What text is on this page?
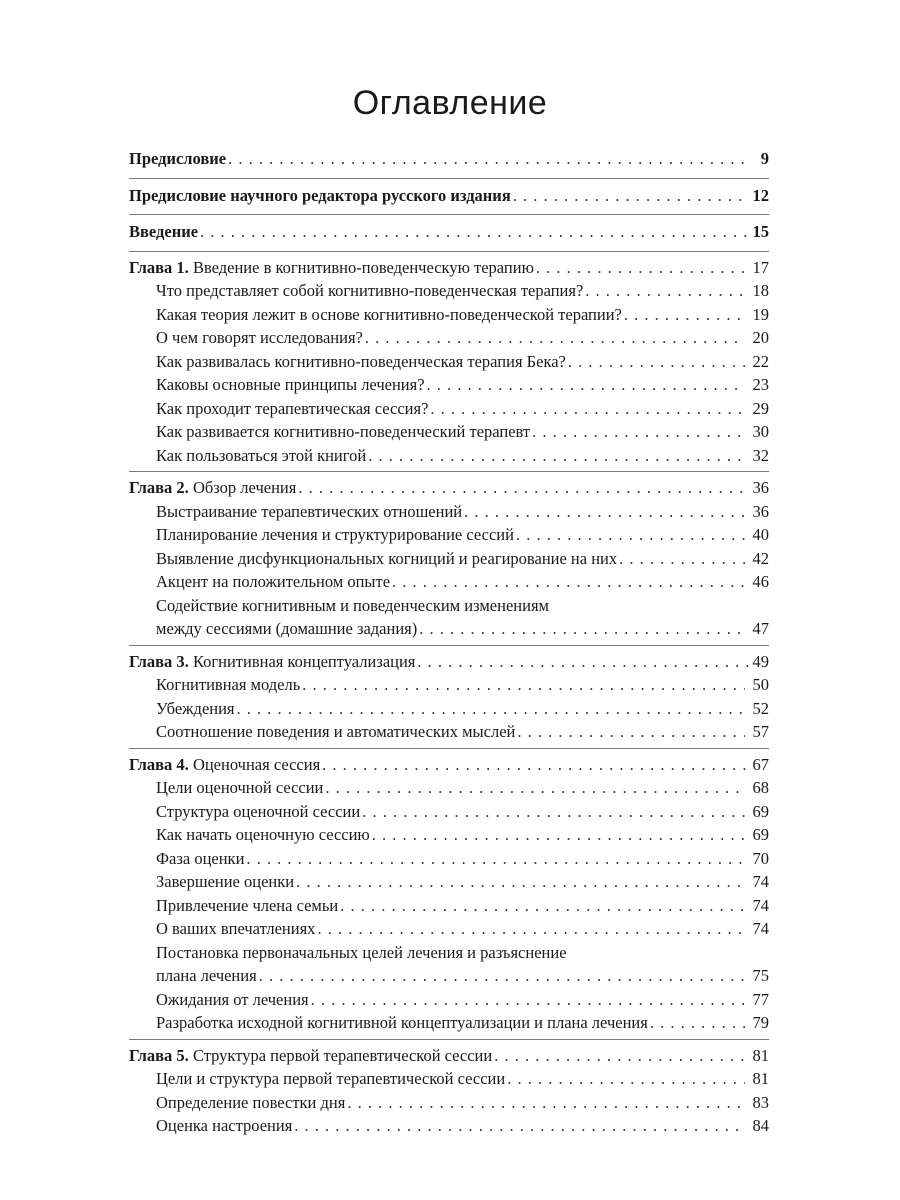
Оглавление
Предисловие . . .	9
Предисловие научного редактора русского издания . . .	12
Введение . . .	15
Глава 1. Введение в когнитивно-поведенческую терапию . . .	17
Что представляет собой когнитивно-поведенческая терапия? . . .	18
Какая теория лежит в основе когнитивно-поведенческой терапии? . . .	19
О чем говорят исследования? . . .	20
Как развивалась когнитивно-поведенческая терапия Бека? . . .	22
Каковы основные принципы лечения? . . .	23
Как проходит терапевтическая сессия? . . .	29
Как развивается когнитивно-поведенческий терапевт . . .	30
Как пользоваться этой книгой . . .	32
Глава 2. Обзор лечения . . .	36
Выстраивание терапевтических отношений . . .	36
Планирование лечения и структурирование сессий . . .	40
Выявление дисфункциональных когниций и реагирование на них . . .	42
Акцент на положительном опыте . . .	46
Содействие когнитивным и поведенческим изменениям
между сессиями (домашние задания) . . .	47
Глава 3. Когнитивная концептуализация . . .	49
Когнитивная модель . . .	50
Убеждения . . .	52
Соотношение поведения и автоматических мыслей . . .	57
Глава 4. Оценочная сессия . . .	67
Цели оценочной сессии . . .	68
Структура оценочной сессии . . .	69
Как начать оценочную сессию . . .	69
Фаза оценки . . .	70
Завершение оценки . . .	74
Привлечение члена семьи . . .	74
О ваших впечатлениях . . .	74
Постановка первоначальных целей лечения и разъяснение
плана лечения . . .	75
Ожидания от лечения . . .	77
Разработка исходной когнитивной концептуализации и плана лечения . . .	79
Глава 5. Структура первой терапевтической сессии . . .	81
Цели и структура первой терапевтической сессии . . .	81
Определение повестки дня . . .	83
Оценка настроения . . .	84
